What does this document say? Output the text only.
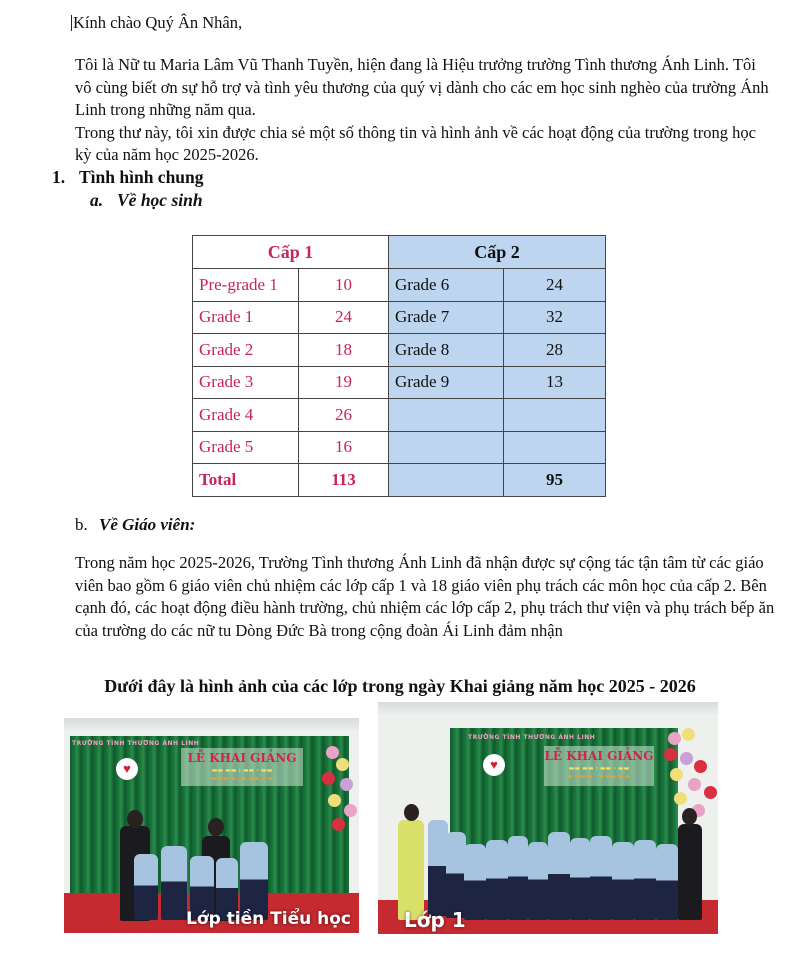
Kính chào Quý Ân Nhân,

Tôi là Nữ tu Maria Lâm Vũ Thanh Tuyền, hiện đang là Hiệu trưởng trường Tình thương Ánh Linh. Tôi vô cùng biết ơn sự hỗ trợ và tình yêu thương của quý vị dành cho các em học sinh nghèo của trường Ánh Linh trong những năm qua.
Trong thư này, tôi xin được chia sẻ một số thông tin và hình ảnh về các hoạt động của trường trong học kỳ của năm học 2025-2026.
1. Tình hình chung
a. Về học sinh
Cấp 1		Cấp 2	
Pre-grade 1	10	Grade 6	24
Grade 1	24	Grade 7	32
Grade 2	18	Grade 8	28
Grade 3	19	Grade 9	13
Grade 4	26		
Grade 5	16		
Total	113		95
b. Về Giáo viên:
Trong năm học 2025-2026, Trường Tình thương Ánh Linh đã nhận được sự cộng tác tận tâm từ các giáo viên bao gồm 6 giáo viên chủ nhiệm các lớp cấp 1 và 18 giáo viên phụ trách các môn học của cấp 2. Bên cạnh đó, các hoạt động điều hành trường, chủ nhiệm các lớp cấp 2, phụ trách thư viện và phụ trách bếp ăn của trường do các nữ tu Dòng Đức Bà trong cộng đoàn Ái Linh đảm nhận
Dưới đây là hình ảnh của các lớp trong ngày Khai giảng năm học 2025 - 2026
TRƯỜNG TÌNH THƯƠNG ÁNH LINH
♥
LỄ KHAI GIẢNG
▬▬ ▬▬ : ▬▬ - ▬▬
▬ ▬▬ ▬ - ▬ ▬▬ ▬ ▬
Lớp tiền Tiểu học
TRƯỜNG TÌNH THƯƠNG ÁNH LINH
♥
LỄ KHAI GIẢNG
▬▬ ▬▬ : ▬▬ - ▬▬
▬ ▬▬ ▬ - ▬ ▬▬ ▬ ▬
Lớp 1
